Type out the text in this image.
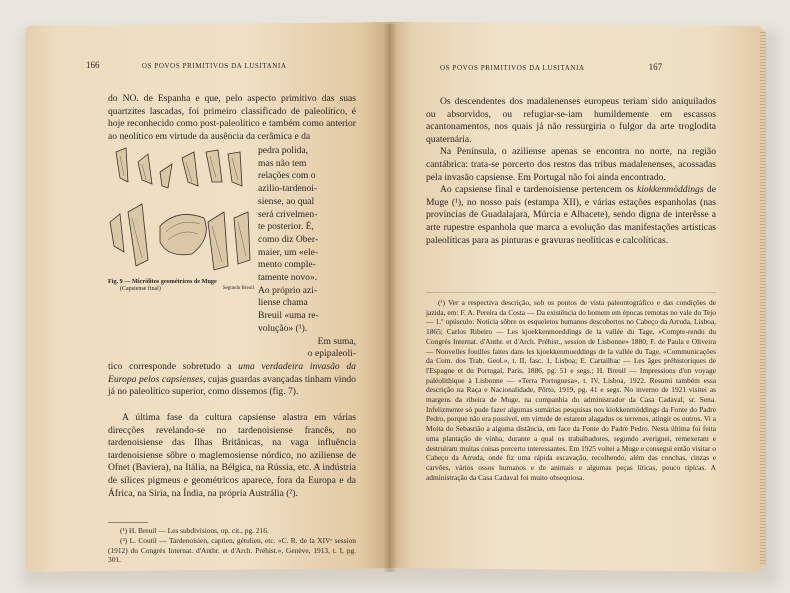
166	OS POVOS PRIMITIVOS DA LUSITANIA

do NO. de Espanha e que, pelo aspecto primitivo das suas quartzites lascadas, foi primeiro classificado de paleolítico, é hoje reconhecido como post-paleolítico e também como anterior ao neolítico em virtude da ausência da cerâmica e da

Fig. 9 — Micrólitos geométricos de Muge
(Capsiense final)	Segundo Breuil
pedra polida,
mas não tem
relações com o
azilio-tardenoi-
siense, ao qual
será crivelmen-
te posterior. É,
como diz Ober-
maier, um «ele-
mento comple-
tamente novo».
Ao próprio azi-
liense chama
Breuil «uma re-
volução» (¹).
Em suma,
o epipaleoli-

tico corresponde sobretudo a uma verdadeira invasão da Europa pelos capsienses, cujas guardas avançadas tinham vindo já no paleolítico superior, como dissemos (fig. 7).

A última fase da cultura capsiense alastra em várias direcções revelando-se no tardenoisiense francês, no tardenoisiense das Ilhas Britânicas, na vaga influência tardenoisiense sôbre o maglemosiense nórdico, no aziliense de Ofnet (Baviera), na Itália, na Bélgica, na Rússia, etc. A indústria de sílices pigmeus e geométricos aparece, fora da Europa e da África, na Síria, na Índia, na própria Austrália (²).

(¹) H. Breuil — Les subdivisions, op. cit., pg. 216.

(²) L. Coutil — Tardenoisien, captien, gétulien, etc. «C. R. de la XIVᵉ session (1912) du Congrès Internat. d'Anthr. et d'Arch. Préhist.», Genève, 1913, t. I, pg. 301.

OS POVOS PRIMITIVOS DA LUSITANIA	167

Os descendentes dos madalenenses europeus teriam sido aniquilados ou absorvidos, ou refugiar-se-iam humildemente em escassos acantonamentos, nos quais já não ressurgiria o fulgor da arte troglodita quaternária.

Na Península, o aziliense apenas se encontra no norte, na região cantábrica: trata-se porcerto dos restos das tribus madalenenses, acossadas pela invasão capsiense. Em Portugal não foi ainda encontrado.

Ao capsiense final e tardenoisiense pertencem os kiokkenmöddings de Muge (¹), no nosso país (estampa XII), e várias estações espanholas (nas províncias de Guadalajara, Múrcia e Albacete), sendo digna de interêsse a arte rupestre espanhola que marca a evolução das manifestações artísticas paleolíticas para as pinturas e gravuras neolíticas e calcolíticas.

(¹) Ver a respectiva descrição, sob os pontos de vista paleontográfico e das condições de jazida, em: F. A. Pereira da Costa — Da existência do homem em épocas remotas no vale do Tejo — 1.º opúsculo: Notícia sôbre os esqueletos humanos descobertos no Cabeço da Arruda, Lisboa, 1865; Carlos Ribeiro — Les kjoekkenmoeddings de la vallée du Tage, «Compte-rendu du Congrès Internat. d'Anthr. et d'Arch. Préhist., session de Lisbonne» 1880; F. de Paula e Oliveira — Nouvelles fouilles faites dans les kjoekkenmoeddings de la vallée du Tage, «Communicações da Com. dos Trab. Geol.», t. II, fasc. 1, Lisboa; E. Cartailhac — Les âges préhistoriques de l'Espagne et du Portugal, Paris, 1886, pg. 51 e segs.; H. Breuil — Impressions d'un voyage paléolithique à Lisbonne — «Terra Portuguesa», t. IV, Lisboa, 1922. Resumi também essa descrição na Raça e Nacionalidade, Pôrto, 1919, pg. 41 e segs. No inverno de 1921 visitei as margens da ribeira de Muge, na companhia do administrador da Casa Cadaval, sr. Sena. Infelizmente só pude fazer algumas sumárias pesquisas nos kiokkenmöddings da Fonte do Padre Pedro, porque não era possível, em virtude de estarem alagados os terrenos, atingir os outros. Vi a Moita do Sebastião a alguma distância, em face da Fonte do Padre Pedro. Nesta última foi feita uma plantação de vinha, durante a qual os trabalhadores, segundo averiguei, remexeram e destruíram muitas coisas porcerto interessantes. Em 1925 voltei a Muge e consegui então visitar o Cabeço da Arruda, onde fiz uma rápida escavação, recolhendo, além das conchas, cinzas e carvões, vários ossos humanos e de animais e algumas peças líticas, pouco típicas. A administração da Casa Cadaval foi muito obsequiosa.
